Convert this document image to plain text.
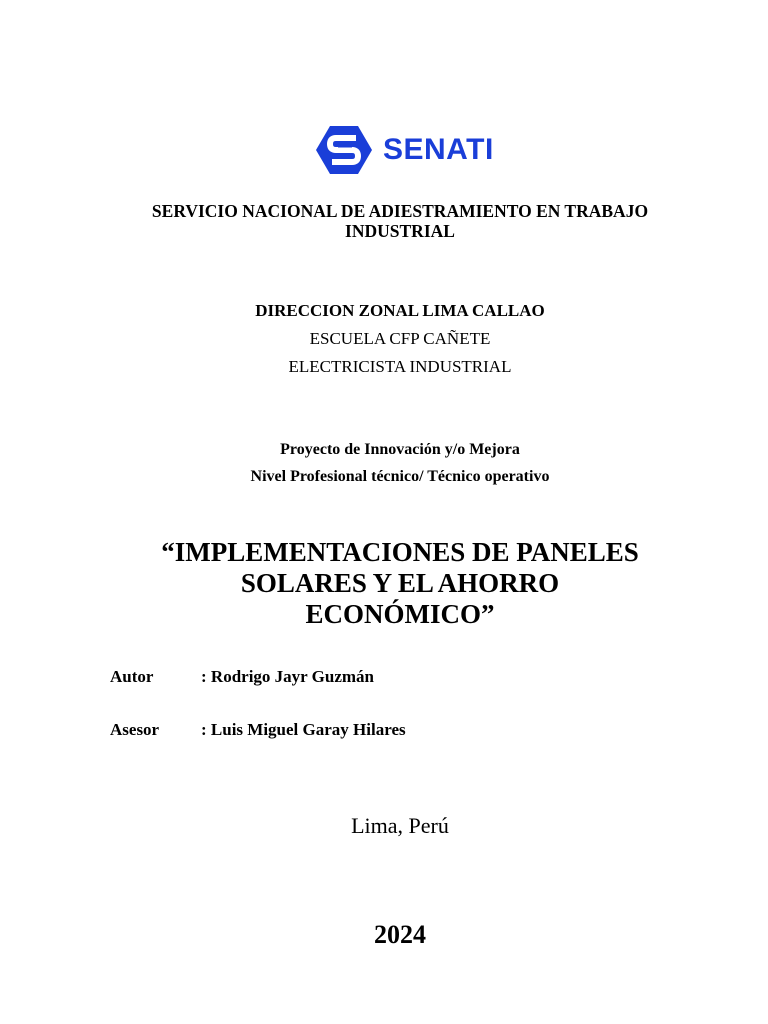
SENATI
SERVICIO NACIONAL DE ADIESTRAMIENTO EN TRABAJO INDUSTRIAL
DIRECCION ZONAL LIMA CALLAO
ESCUELA CFP CAÑETE
ELECTRICISTA INDUSTRIAL
Proyecto de Innovación y/o Mejora
Nivel Profesional técnico/ Técnico operativo
“IMPLEMENTACIONES DE PANELES
SOLARES Y EL AHORRO
ECONÓMICO”
Autor	: Rodrigo Jayr Guzmán
Asesor : Luis Miguel Garay Hilares
Lima, Perú
2024
